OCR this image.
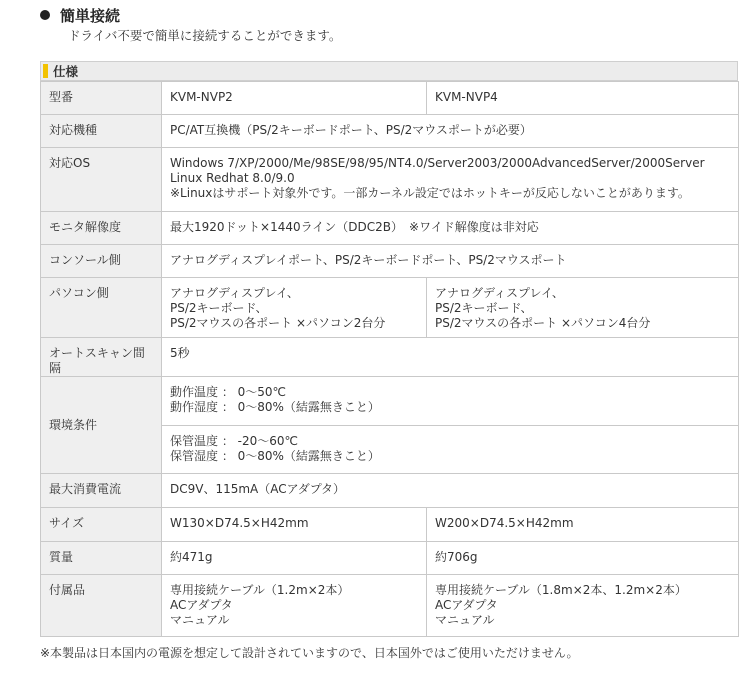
簡単接続
ドライバ不要で簡単に接続することができます。
仕様
型番	KVM-NVP2	KVM-NVP4
対応機種	PC/AT互換機（PS/2キーボードポート、PS/2マウスポートが必要）	
対応OS	Windows 7/XP/2000/Me/98SE/98/95/NT4.0/Server2003/2000AdvancedServer/2000Server
Linux Redhat 8.0/9.0
※Linuxはサポート対象外です。一部カーネル設定ではホットキーが反応しないことがあります。	

モニタ解像度	最大1920ドット×1440ライン（DDC2B）　※ワイド解像度は非対応	
コンソール側	アナログディスプレイポート、PS/2キーボードポート、PS/2マウスポート	
パソコン側	アナログディスプレイ、
PS/2キーボード、
PS/2マウスの各ポート ×パソコン2台分	アナログディスプレイ、
PS/2キーボード、
PS/2マウスの各ポート ×パソコン4台分

オートスキャン間隔	5秒	
環境条件	動作温度 ： 0～50℃
動作湿度 ： 0～80%（結露無きこと）	

	保管温度 ： -20～60℃
保管湿度 ： 0～80%（結露無きこと）	

最大消費電流	DC9V、115mA（ACアダプタ）	
サイズ	W130×D74.5×H42mm	W200×D74.5×H42mm
質量	約471g	約706g
付属品	専用接続ケーブル（1.2m×2本）
ACアダプタ
マニュアル	専用接続ケーブル（1.8m×2本、1.2m×2本）
ACアダプタ
マニュアル
※本製品は日本国内の電源を想定して設計されていますので、日本国外ではご使用いただけません。
